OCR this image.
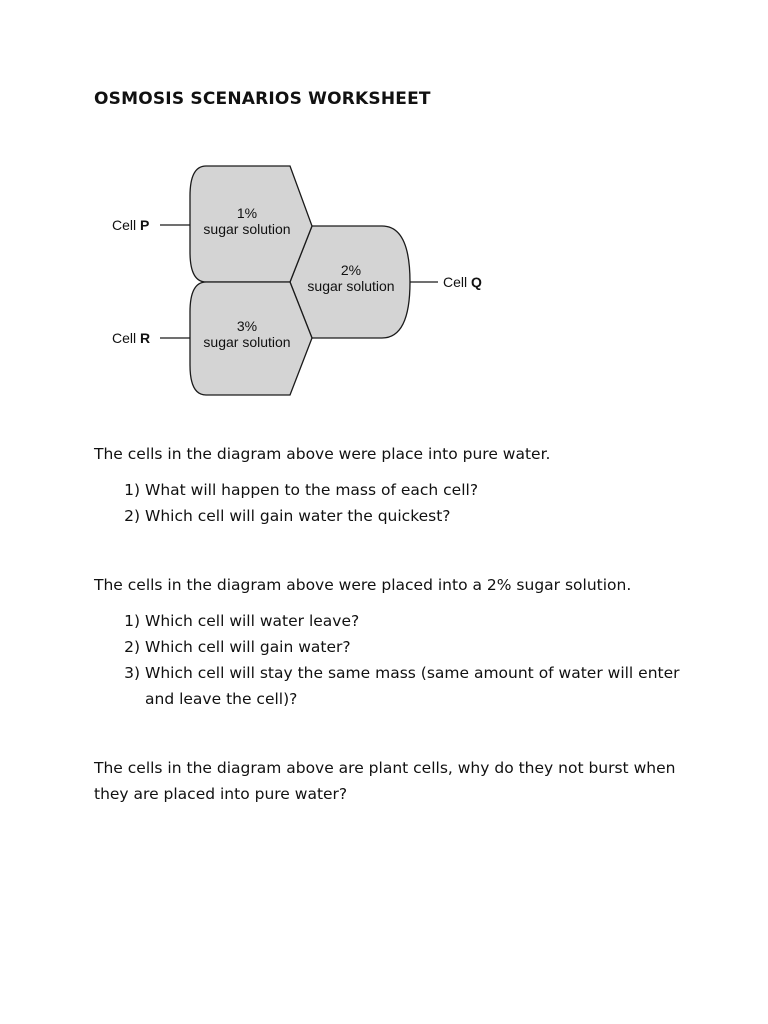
OSMOSIS SCENARIOS WORKSHEET
1%
sugar solution
Cell P
2%
sugar solution	Cell Q
3%
sugar solution
Cell R

The cells in the diagram above were place into pure water.

1) What will happen to the mass of each cell?
2) Which cell will gain water the quickest?

The cells in the diagram above were placed into a 2% sugar solution.

1) Which cell will water leave?
2) Which cell will gain water?
3) Which cell will stay the same mass (same amount of water will enter and leave the cell)?

The cells in the diagram above are plant cells, why do they not burst when they are placed into pure water?
